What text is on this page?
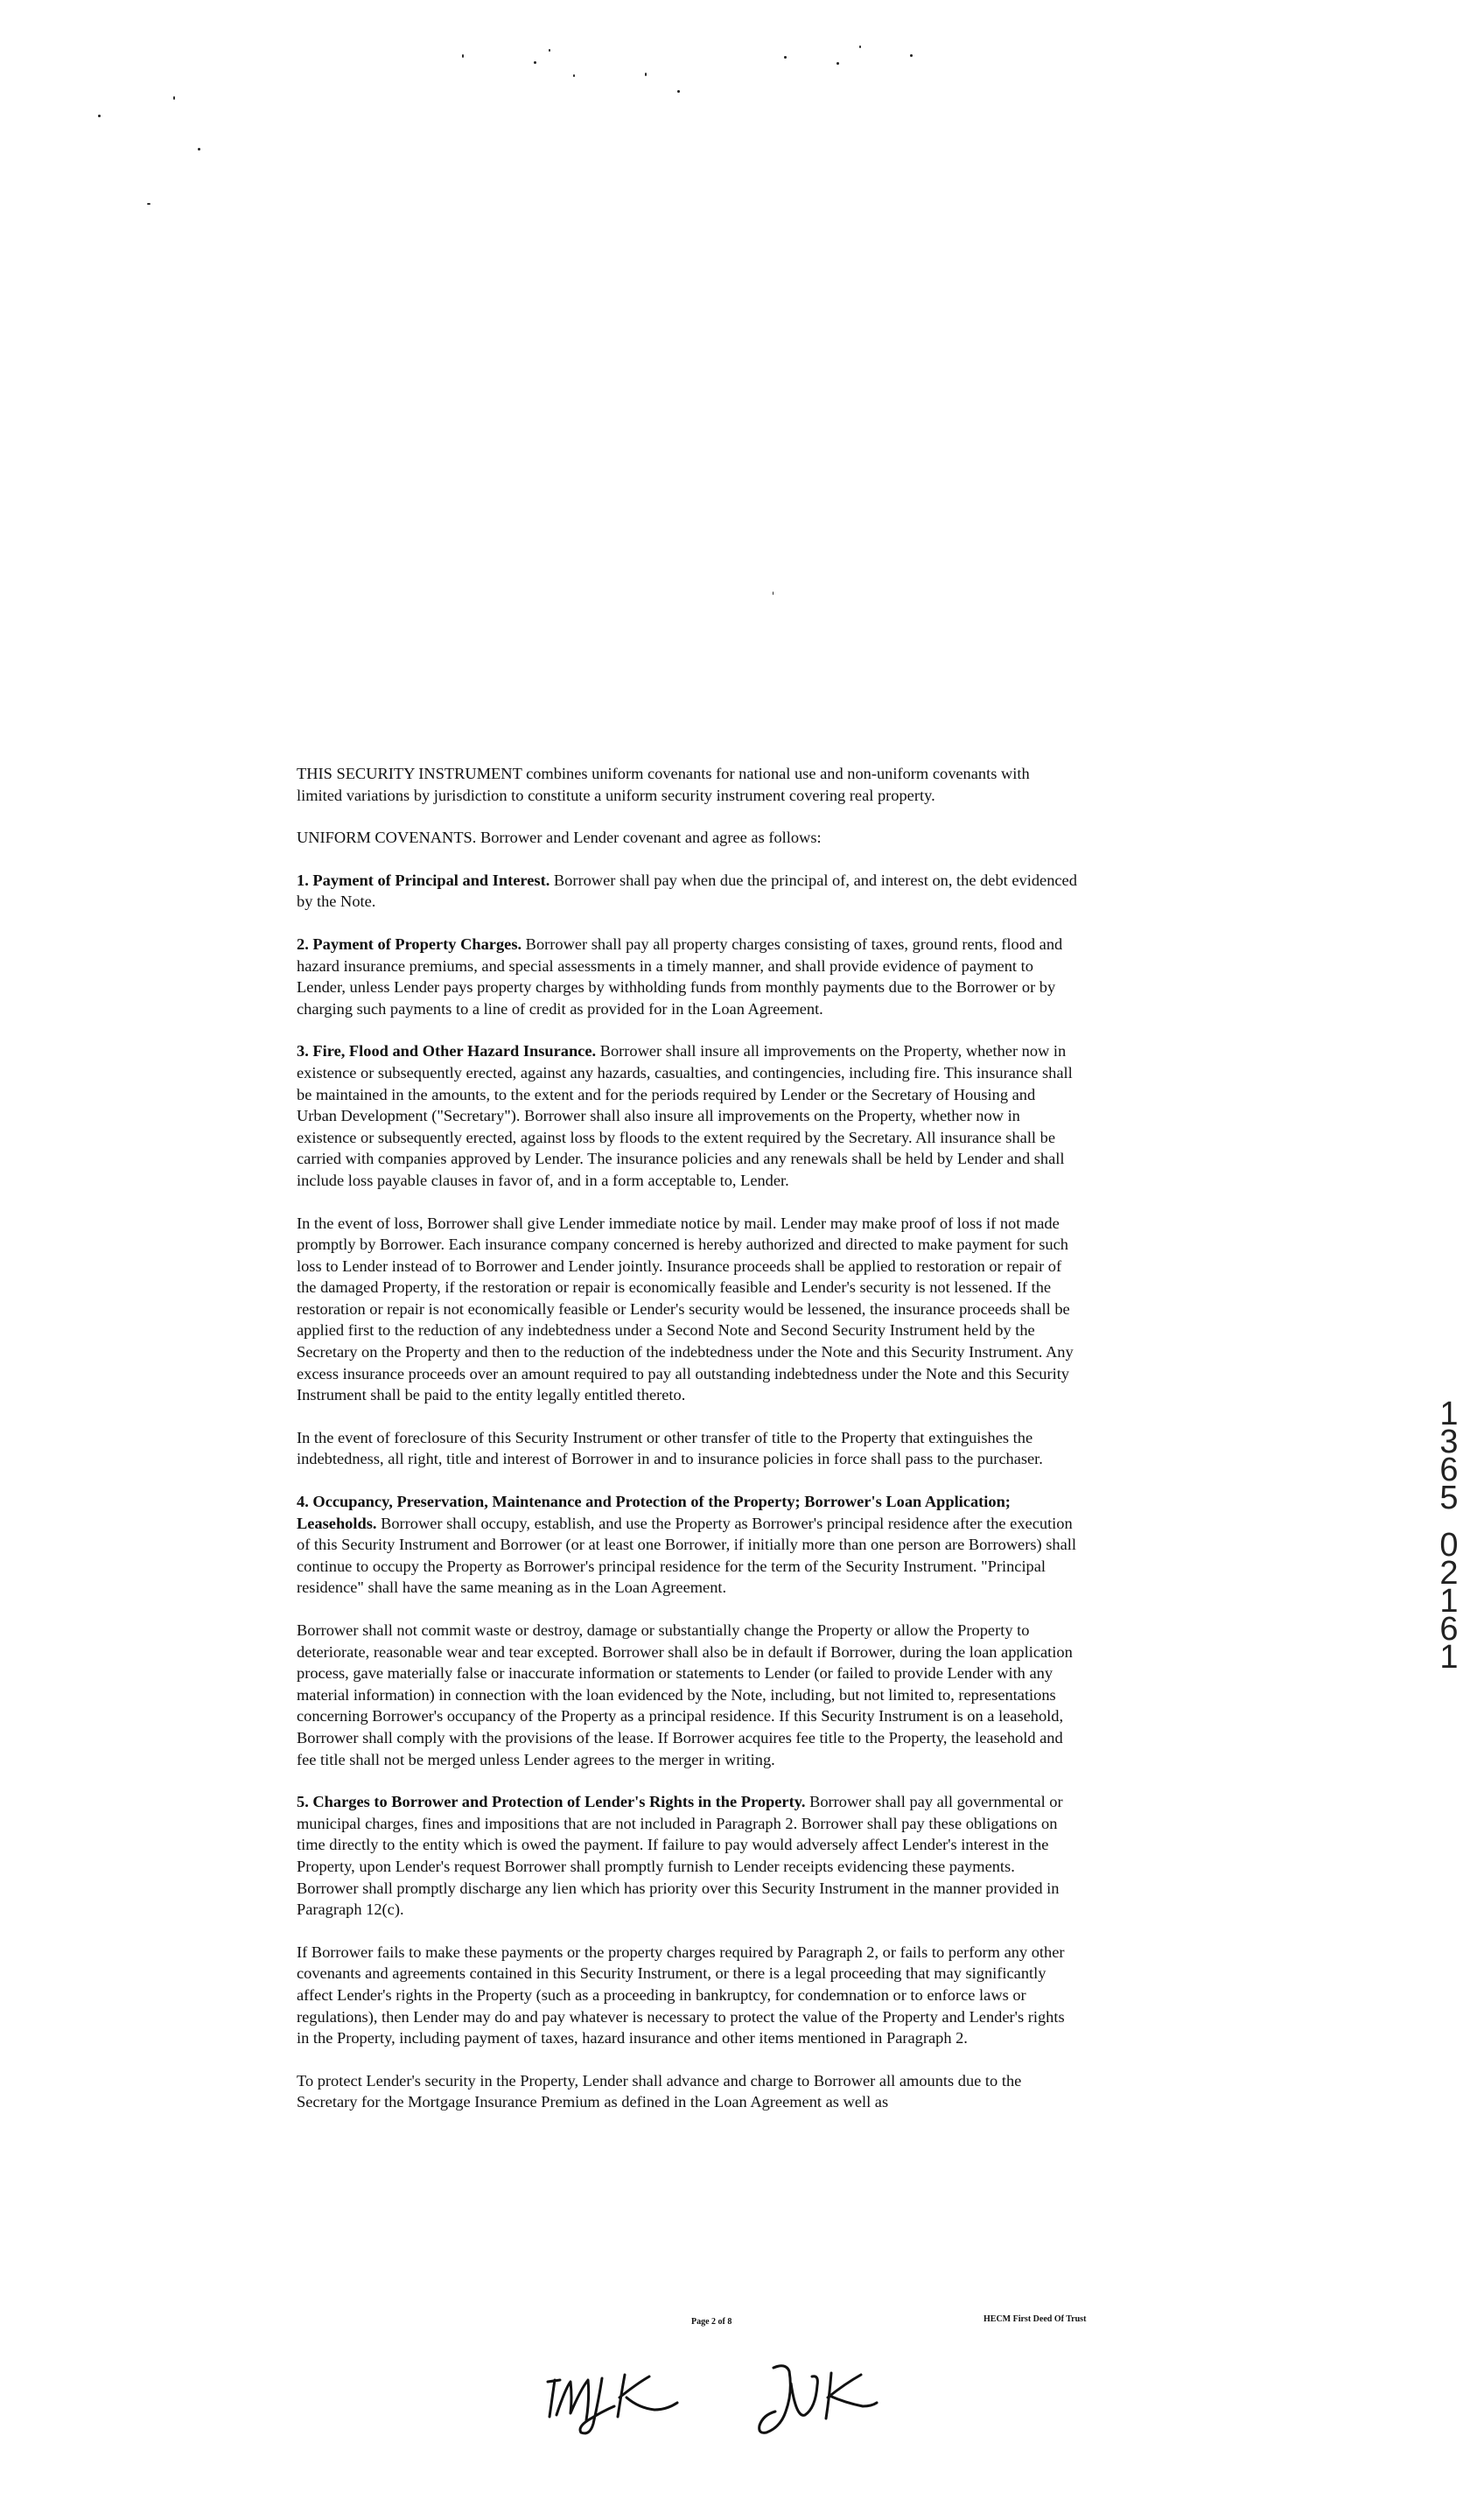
THIS SECURITY INSTRUMENT combines uniform covenants for national use and non-uniform covenants with limited variations by jurisdiction to constitute a uniform security instrument covering real property.

UNIFORM COVENANTS. Borrower and Lender covenant and agree as follows:

1. Payment of Principal and Interest. Borrower shall pay when due the principal of, and interest on, the debt evidenced by the Note.

2. Payment of Property Charges. Borrower shall pay all property charges consisting of taxes, ground rents, flood and hazard insurance premiums, and special assessments in a timely manner, and shall provide evidence of payment to Lender, unless Lender pays property charges by withholding funds from monthly payments due to the Borrower or by charging such payments to a line of credit as provided for in the Loan Agreement.

3. Fire, Flood and Other Hazard Insurance. Borrower shall insure all improvements on the Property, whether now in existence or subsequently erected, against any hazards, casualties, and contingencies, including fire. This insurance shall be maintained in the amounts, to the extent and for the periods required by Lender or the Secretary of Housing and Urban Development ("Secretary"). Borrower shall also insure all improvements on the Property, whether now in existence or subsequently erected, against loss by floods to the extent required by the Secretary. All insurance shall be carried with companies approved by Lender. The insurance policies and any renewals shall be held by Lender and shall include loss payable clauses in favor of, and in a form acceptable to, Lender.

In the event of loss, Borrower shall give Lender immediate notice by mail. Lender may make proof of loss if not made promptly by Borrower. Each insurance company concerned is hereby authorized and directed to make payment for such loss to Lender instead of to Borrower and Lender jointly. Insurance proceeds shall be applied to restoration or repair of the damaged Property, if the restoration or repair is economically feasible and Lender's security is not lessened. If the restoration or repair is not economically feasible or Lender's security would be lessened, the insurance proceeds shall be applied first to the reduction of any indebtedness under a Second Note and Second Security Instrument held by the Secretary on the Property and then to the reduction of the indebtedness under the Note and this Security Instrument. Any excess insurance proceeds over an amount required to pay all outstanding indebtedness under the Note and this Security Instrument shall be paid to the entity legally entitled thereto.

In the event of foreclosure of this Security Instrument or other transfer of title to the Property that extinguishes the indebtedness, all right, title and interest of Borrower in and to insurance policies in force shall pass to the purchaser.

4. Occupancy, Preservation, Maintenance and Protection of the Property; Borrower's Loan Application; Leaseholds. Borrower shall occupy, establish, and use the Property as Borrower's principal residence after the execution of this Security Instrument and Borrower (or at least one Borrower, if initially more than one person are Borrowers) shall continue to occupy the Property as Borrower's principal residence for the term of the Security Instrument. "Principal residence" shall have the same meaning as in the Loan Agreement.

Borrower shall not commit waste or destroy, damage or substantially change the Property or allow the Property to deteriorate, reasonable wear and tear excepted. Borrower shall also be in default if Borrower, during the loan application process, gave materially false or inaccurate information or statements to Lender (or failed to provide Lender with any material information) in connection with the loan evidenced by the Note, including, but not limited to, representations concerning Borrower's occupancy of the Property as a principal residence. If this Security Instrument is on a leasehold, Borrower shall comply with the provisions of the lease. If Borrower acquires fee title to the Property, the leasehold and fee title shall not be merged unless Lender agrees to the merger in writing.

5. Charges to Borrower and Protection of Lender's Rights in the Property. Borrower shall pay all governmental or municipal charges, fines and impositions that are not included in Paragraph 2. Borrower shall pay these obligations on time directly to the entity which is owed the payment. If failure to pay would adversely affect Lender's interest in the Property, upon Lender's request Borrower shall promptly furnish to Lender receipts evidencing these payments. Borrower shall promptly discharge any lien which has priority over this Security Instrument in the manner provided in Paragraph 12(c).

If Borrower fails to make these payments or the property charges required by Paragraph 2, or fails to perform any other covenants and agreements contained in this Security Instrument, or there is a legal proceeding that may significantly affect Lender's rights in the Property (such as a proceeding in bankruptcy, for condemnation or to enforce laws or regulations), then Lender may do and pay whatever is necessary to protect the value of the Property and Lender's rights in the Property, including payment of taxes, hazard insurance and other items mentioned in Paragraph 2.

To protect Lender's security in the Property, Lender shall advance and charge to Borrower all amounts due to the Secretary for the Mortgage Insurance Premium as defined in the Loan Agreement as well as

Page 2 of 8	HECM First Deed Of Trust
1
3
6
5
0
2
1
6
1
